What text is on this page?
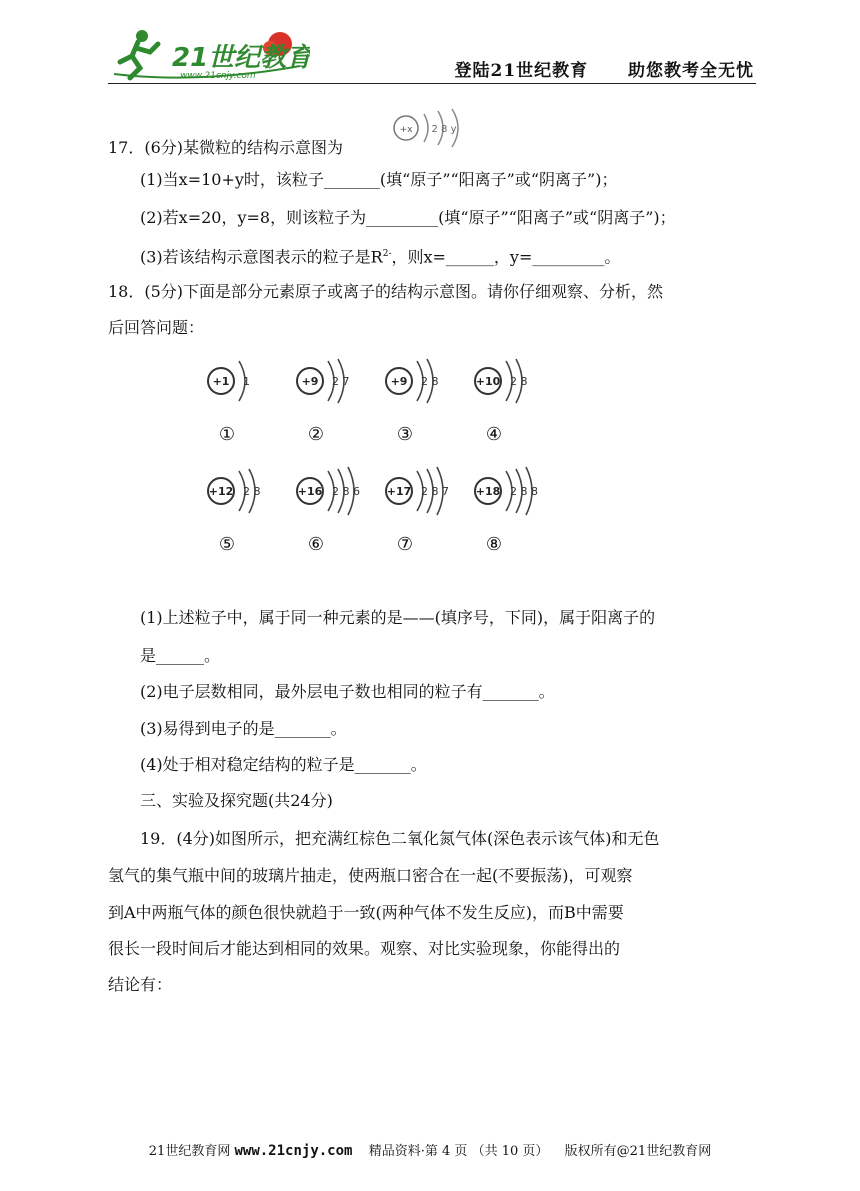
21世纪教育
www.21cnjy.com	登陆21世纪教育 助您教考全无忧
17．(6分)某微粒的结构示意图为
+x 2 8 y
(1)当x=10+y时，该粒子_______(填“原子”“阳离子”或“阴离子”)；
(2)若x=20，y=8，则该粒子为_________(填“原子”“阳离子”或“阴离子”)；
(3)若该结构示意图表示的粒子是$R^{2-}$，则x=______，y=_________。
18．(5分)下面是部分元素原子或离子的结构示意图。请你仔细观察、分析，然
后回答问题：
+1 1	+9 2 7	+9 2 8	+10 2 8
①	②	③	④
+12 2 8	+16 2 8 6 +17 2 8 7 +18 2 8 8
⑤	⑥	⑦	⑧
(1)上述粒子中，属于同一种元素的是——(填序号，下同)，属于阳离子的
是______。
(2)电子层数相同，最外层电子数也相同的粒子有_______。
(3)易得到电子的是_______。
(4)处于相对稳定结构的粒子是_______。
三、实验及探究题(共24分)
19．(4分)如图所示，把充满红棕色二氧化氮气体(深色表示该气体)和无色
氢气的集气瓶中间的玻璃片抽走，使两瓶口密合在一起(不要振荡)，可观察
到A中两瓶气体的颜色很快就趋于一致(两种气体不发生反应)，而B中需要
很长一段时间后才能达到相同的效果。观察、对比实验现象，你能得出的
结论有：
21世纪教育网 www.21cnjy.com 精品资料·第 4 页 （共 10 页） 版权所有@21世纪教育网
